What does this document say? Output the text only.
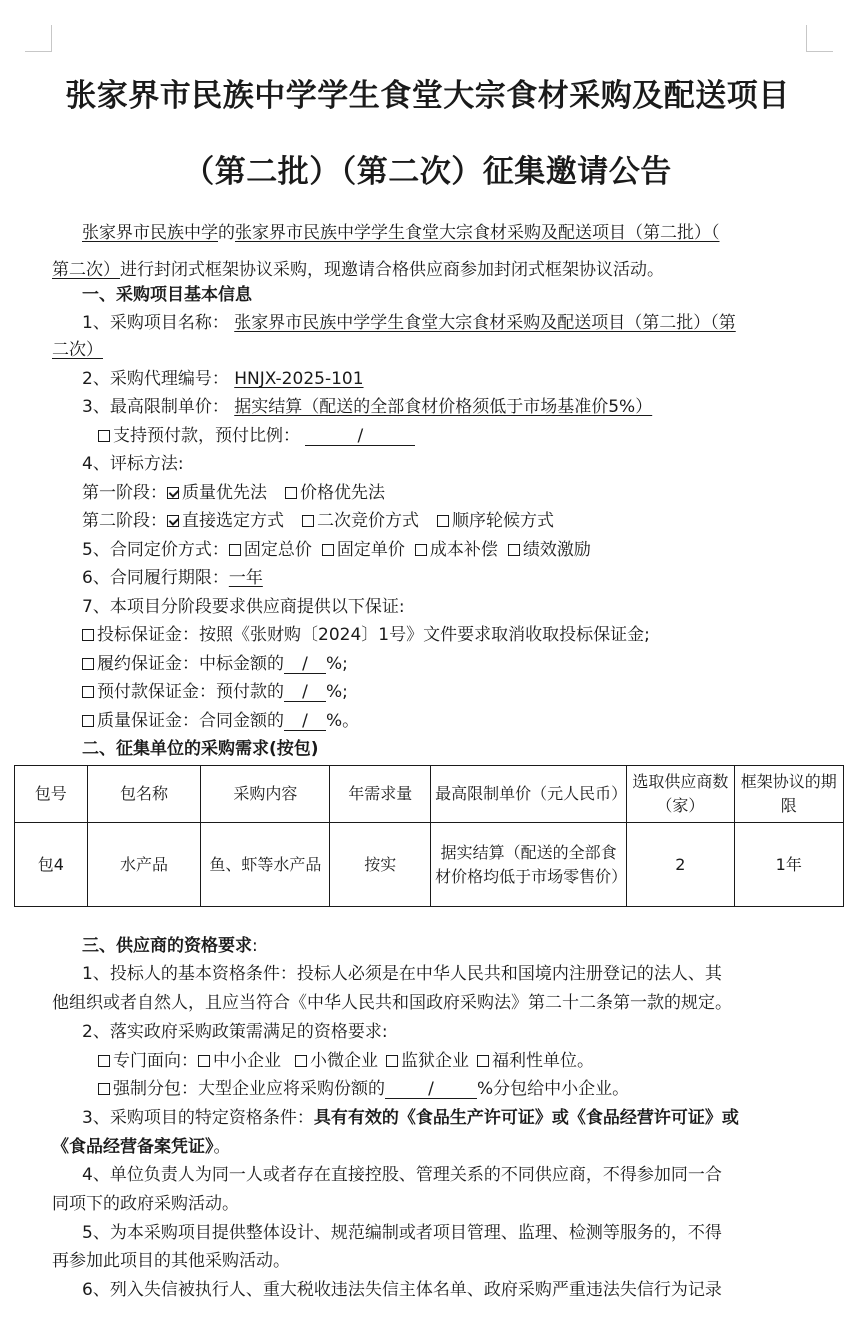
张家界市民族中学学生食堂大宗食材采购及配送项目
（第二批）（第二次）征集邀请公告
张家界市民族中学的张家界市民族中学学生食堂大宗食材采购及配送项目（第二批）（
第二次）进行封闭式框架协议采购，现邀请合格供应商参加封闭式框架协议活动。
一、采购项目基本信息
1、采购项目名称： 张家界市民族中学学生食堂大宗食材采购及配送项目（第二批）（第
二次）
2、采购代理编号： HNJX-2025-101
3、最高限制单价： 据实结算（配送的全部食材价格须低于市场基准价5%）
支持预付款，预付比例：	/
4、评标方法:
第一阶段： 质量优先法 价格优先法
第二阶段： 直接选定方式 二次竞价方式 顺序轮候方式
5、合同定价方式： 固定总价 固定单价 成本补偿 绩效激励
6、合同履行期限：一年
7、本项目分阶段要求供应商提供以下保证:
投标保证金：按照《张财购〔2024〕1号》文件要求取消收取投标保证金;
履约保证金：中标金额的 / %;
预付款保证金：预付款的 / %;
质量保证金：合同金额的 / %。
二、征集单位的采购需求(按包)
包号	包名称	采购内容	年需求量	最高限制单价（元人民币）	选取供应商数（家）	框架协议的期限
包4	水产品	鱼、虾等水产品	按实	据实结算（配送的全部食材价格均低于市场零售价）	2	1年
三、供应商的资格要求:
1、投标人的基本资格条件：投标人必须是在中华人民共和国境内注册登记的法人、其
他组织或者自然人，且应当符合《中华人民共和国政府采购法》第二十二条第一款的规定。
2、落实政府采购政策需满足的资格要求:
专门面向： 中小企业 小微企业 监狱企业 福利性单位。
强制分包：大型企业应将采购份额的	/	%分包给中小企业。
3、采购项目的特定资格条件：具有有效的《食品生产许可证》或《食品经营许可证》或
《食品经营备案凭证》。
4、单位负责人为同一人或者存在直接控股、管理关系的不同供应商，不得参加同一合
同项下的政府采购活动。
5、为本采购项目提供整体设计、规范编制或者项目管理、监理、检测等服务的，不得
再参加此项目的其他采购活动。
6、列入失信被执行人、重大税收违法失信主体名单、政府采购严重违法失信行为记录
